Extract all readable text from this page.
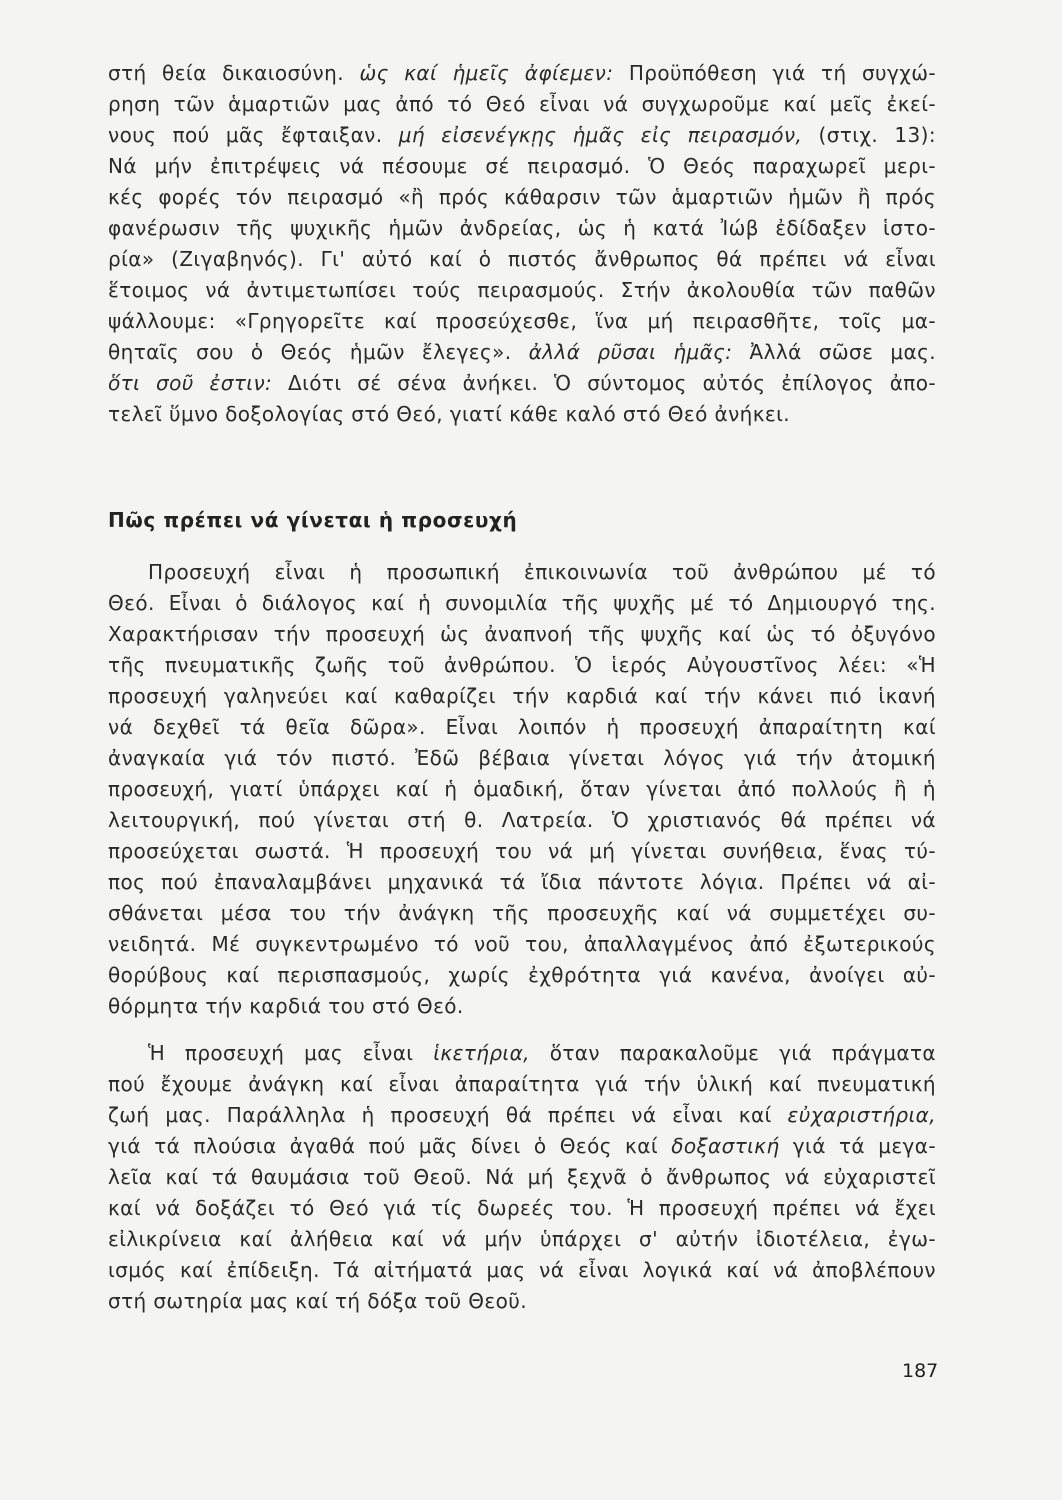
στή θεία δικαιοσύνη. ὡς καί ἡμεῖς ἀφίεμεν: Προϋπόθεση γιά τή συγχώ-
ρηση τῶν ἁμαρτιῶν μας ἀπό τό Θεό εἶναι νά συγχωροῦμε καί μεῖς ἐκεί-
νους πού μᾶς ἔφταιξαν. μή εἰσενέγκῃς ἡμᾶς εἰς πειρασμόν, (στιχ. 13):
Νά μήν ἐπιτρέψεις νά πέσουμε σέ πειρασμό. Ὁ Θεός παραχωρεῖ μερι-
κές φορές τόν πειρασμό «ἢ πρός κάθαρσιν τῶν ἁμαρτιῶν ἡμῶν ἢ πρός
φανέρωσιν τῆς ψυχικῆς ἡμῶν ἀνδρείας, ὡς ἡ κατά Ἰώβ ἐδίδαξεν ἱστο-
ρία» (Ζιγαβηνός). Γι' αὐτό καί ὁ πιστός ἄνθρωπος θά πρέπει νά εἶναι
ἕτοιμος νά ἀντιμετωπίσει τούς πειρασμούς. Στήν ἀκολουθία τῶν παθῶν
ψάλλουμε: «Γρηγορεῖτε καί προσεύχεσθε, ἵνα μή πειρασθῆτε, τοῖς μα-
θηταῖς σου ὁ Θεός ἡμῶν ἔλεγες». ἀλλά ρῦσαι ἡμᾶς: Ἀλλά σῶσε μας.
ὅτι σοῦ ἐστιν: Διότι σέ σένα ἀνήκει. Ὁ σύντομος αὐτός ἐπίλογος ἀπο-
τελεῖ ὕμνο δοξολογίας στό Θεό, γιατί κάθε καλό στό Θεό ἀνήκει.
Πῶς πρέπει νά γίνεται ἡ προσευχή
Προσευχή εἶναι ἡ προσωπική ἐπικοινωνία τοῦ ἀνθρώπου μέ τό
Θεό. Εἶναι ὁ διάλογος καί ἡ συνομιλία τῆς ψυχῆς μέ τό Δημιουργό της.
Χαρακτήρισαν τήν προσευχή ὡς ἀναπνοή τῆς ψυχῆς καί ὡς τό ὀξυγόνο
τῆς πνευματικῆς ζωῆς τοῦ ἀνθρώπου. Ὁ ἱερός Αὐγουστῖνος λέει: «Ἡ
προσευχή γαληνεύει καί καθαρίζει τήν καρδιά καί τήν κάνει πιό ἱκανή
νά δεχθεῖ τά θεῖα δῶρα». Εἶναι λοιπόν ἡ προσευχή ἀπαραίτητη καί
ἀναγκαία γιά τόν πιστό. Ἐδῶ βέβαια γίνεται λόγος γιά τήν ἀτομική
προσευχή, γιατί ὑπάρχει καί ἡ ὁμαδική, ὅταν γίνεται ἀπό πολλούς ἢ ἡ
λειτουργική, πού γίνεται στή θ. Λατρεία. Ὁ χριστιανός θά πρέπει νά
προσεύχεται σωστά. Ἡ προσευχή του νά μή γίνεται συνήθεια, ἕνας τύ-
πος πού ἐπαναλαμβάνει μηχανικά τά ἴδια πάντοτε λόγια. Πρέπει νά αἰ-
σθάνεται μέσα του τήν ἀνάγκη τῆς προσευχῆς καί νά συμμετέχει συ-
νειδητά. Μέ συγκεντρωμένο τό νοῦ του, ἀπαλλαγμένος ἀπό ἐξωτερικούς
θορύβους καί περισπασμούς, χωρίς ἐχθρότητα γιά κανένα, ἀνοίγει αὐ-
θόρμητα τήν καρδιά του στό Θεό.
Ἡ προσευχή μας εἶναι ἱκετήρια, ὅταν παρακαλοῦμε γιά πράγματα
πού ἔχουμε ἀνάγκη καί εἶναι ἀπαραίτητα γιά τήν ὑλική καί πνευματική
ζωή μας. Παράλληλα ἡ προσευχή θά πρέπει νά εἶναι καί εὐχαριστήρια,
γιά τά πλούσια ἀγαθά πού μᾶς δίνει ὁ Θεός καί δοξαστική γιά τά μεγα-
λεῖα καί τά θαυμάσια τοῦ Θεοῦ. Νά μή ξεχνᾶ ὁ ἄνθρωπος νά εὐχαριστεῖ
καί νά δοξάζει τό Θεό γιά τίς δωρεές του. Ἡ προσευχή πρέπει νά ἔχει
εἰλικρίνεια καί ἀλήθεια καί νά μήν ὑπάρχει σ' αὐτήν ἰδιοτέλεια, ἐγω-
ισμός καί ἐπίδειξη. Τά αἰτήματά μας νά εἶναι λογικά καί νά ἀποβλέπουν
στή σωτηρία μας καί τή δόξα τοῦ Θεοῦ.
187
